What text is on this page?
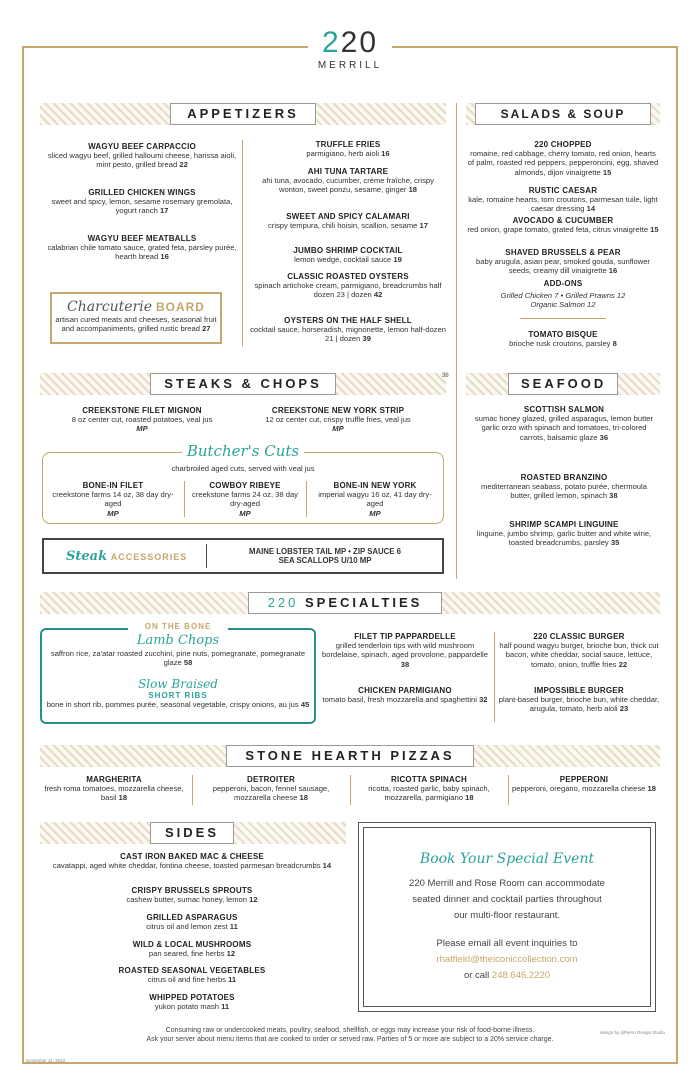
220
MERRILL
APPETIZERS
WAGYU BEEF CARPACCIO
sliced wagyu beef, grilled halloumi cheese, harissa aioli, mint pesto, grilled bread 22
GRILLED CHICKEN WINGS
sweet and spicy, lemon, sesame rosemary gremolata, yogurt ranch 17
WAGYU BEEF MEATBALLS
calabrian chile tomato sauce, grated feta, parsley purée, hearth bread 16
Charcuterie BOARD
artisan cured meats and cheeses, seasonal fruit and accompaniments, grilled rustic bread 27
TRUFFLE FRIES
parmigiano, herb aioli 16
AHI TUNA TARTARE
ahi tuna, avocado, cucumber, crème fraîche, crispy wonton, sweet ponzu, sesame, ginger 18
SWEET AND SPICY CALAMARI
crispy tempura, chili hoisin, scallion, sesame 17
JUMBO SHRIMP COCKTAIL
lemon wedge, cocktail sauce 19
CLASSIC ROASTED OYSTERS
spinach artichoke cream, parmigiano, breadcrumbs half dozen 23 | dozen 42
OYSTERS ON THE HALF SHELL
cocktail sauce, horseradish, mignonette, lemon half-dozen 21 | dozen 39
SALADS & SOUP
220 CHOPPED
romaine, red cabbage, cherry tomato, red onion, hearts of palm, roasted red peppers, pepperoncini, egg, shaved almonds, dijon vinaigrette 15
RUSTIC CAESAR
kale, romaine hearts, torn croutons, parmesan tuile, light caesar dressing 14
AVOCADO & CUCUMBER
red onion, grape tomato, grated feta, citrus vinaigrette 15
SHAVED BRUSSELS & PEAR
baby arugula, asian pear, smoked gouda, sunflower seeds, creamy dill vinaigrette 16
ADD-ONS
Grilled Chicken 7 • Grilled Prawns 12
Organic Salmon 12
TOMATO BISQUE
brioche rusk croutons, parsley 8
STEAKS & CHOPS	38
CREEKSTONE FILET MIGNON
8 oz center cut, roasted potatoes, veal jus
MP
CREEKSTONE NEW YORK STRIP
12 oz center cut, crispy truffle fries, veal jus
MP
Butcher's Cuts
charbroiled aged cuts, served with veal jus
BONE-IN FILET
creekstone farms 14 oz, 38 day dry-aged
MP
COWBOY RIBEYE
creekstone farms 24 oz, 38 day dry-aged
MP
BONE-IN NEW YORK
imperial wagyu 16 oz, 41 day dry-aged
MP
Steak ACCESSORIES
MAINE LOBSTER TAIL MP • ZIP SAUCE 6
SEA SCALLOPS U/10 MP
SEAFOOD
SCOTTISH SALMON
sumac honey glazed, grilled asparagus, lemon butter garlic orzo with spinach and tomatoes, tri-colored carrots, balsamic glaze 36
ROASTED BRANZINO
mediterranean seabass, potato purée, chermoula butter, grilled lemon, spinach 38
SHRIMP SCAMPI LINGUINE
linguine, jumbo shrimp, garlic butter and white wine, toasted breadcrumbs, parsley 35
220 SPECIALTIES
ON THE BONE
Lamb Chops
saffron rice, za'atar roasted zucchini, pine nuts, pomegranate, pomegranate glaze 58
Slow Braised
SHORT RIBS
bone in short rib, pommes purée, seasonal vegetable, crispy onions, au jus 45
FILET TIP PAPPARDELLE
grilled tenderloin tips with wild mushroom bordelaise, spinach, aged provolone, pappardelle 38
CHICKEN PARMIGIANO
tomato basil, fresh mozzarella and spaghettini 32
220 CLASSIC BURGER
half pound wagyu burger, brioche bun, thick cut bacon, white cheddar, social sauce, lettuce, tomato, onion, truffle fries 22
IMPOSSIBLE BURGER
plant-based burger, brioche bun, white cheddar, arugula, tomato, herb aioli 23
STONE HEARTH PIZZAS
MARGHERITA
fresh roma tomatoes, mozzarella cheese, basil 18
DETROITER
pepperoni, bacon, fennel sausage, mozzarella cheese 18
RICOTTA SPINACH
ricotta, roasted garlic, baby spinach, mozzarella, parmigiano 18
PEPPERONI
pepperoni, oregano, mozzarella cheese 18
SIDES
CAST IRON BAKED MAC & CHEESE
cavatappi, aged white cheddar, fontina cheese, toasted parmesan breadcrumbs 14
CRISPY BRUSSELS SPROUTS
cashew butter, sumac honey, lemon 12
GRILLED ASPARAGUS
citrus oil and lemon zest 11
WILD & LOCAL MUSHROOMS
pan seared, fine herbs 12
ROASTED SEASONAL VEGETABLES
citrus oil and fine herbs 11
WHIPPED POTATOES
yukon potato mash 11
Book Your Special Event
220 Merrill and Rose Room can accommodate
seated dinner and cocktail parties throughout
our multi-floor restaurant.
Please email all event inquiries to
rhatfield@theiconiccollection.com
or call 248.646.2220
Consuming raw or undercooked meats, poultry, seafood, shellfish, or eggs may increase your risk of food-borne illness.
Ask your server about menu items that are cooked to order or served raw. Parties of 5 or more are subject to a 20% service charge.
November 11, 2022
design by diPietro Design Studio
